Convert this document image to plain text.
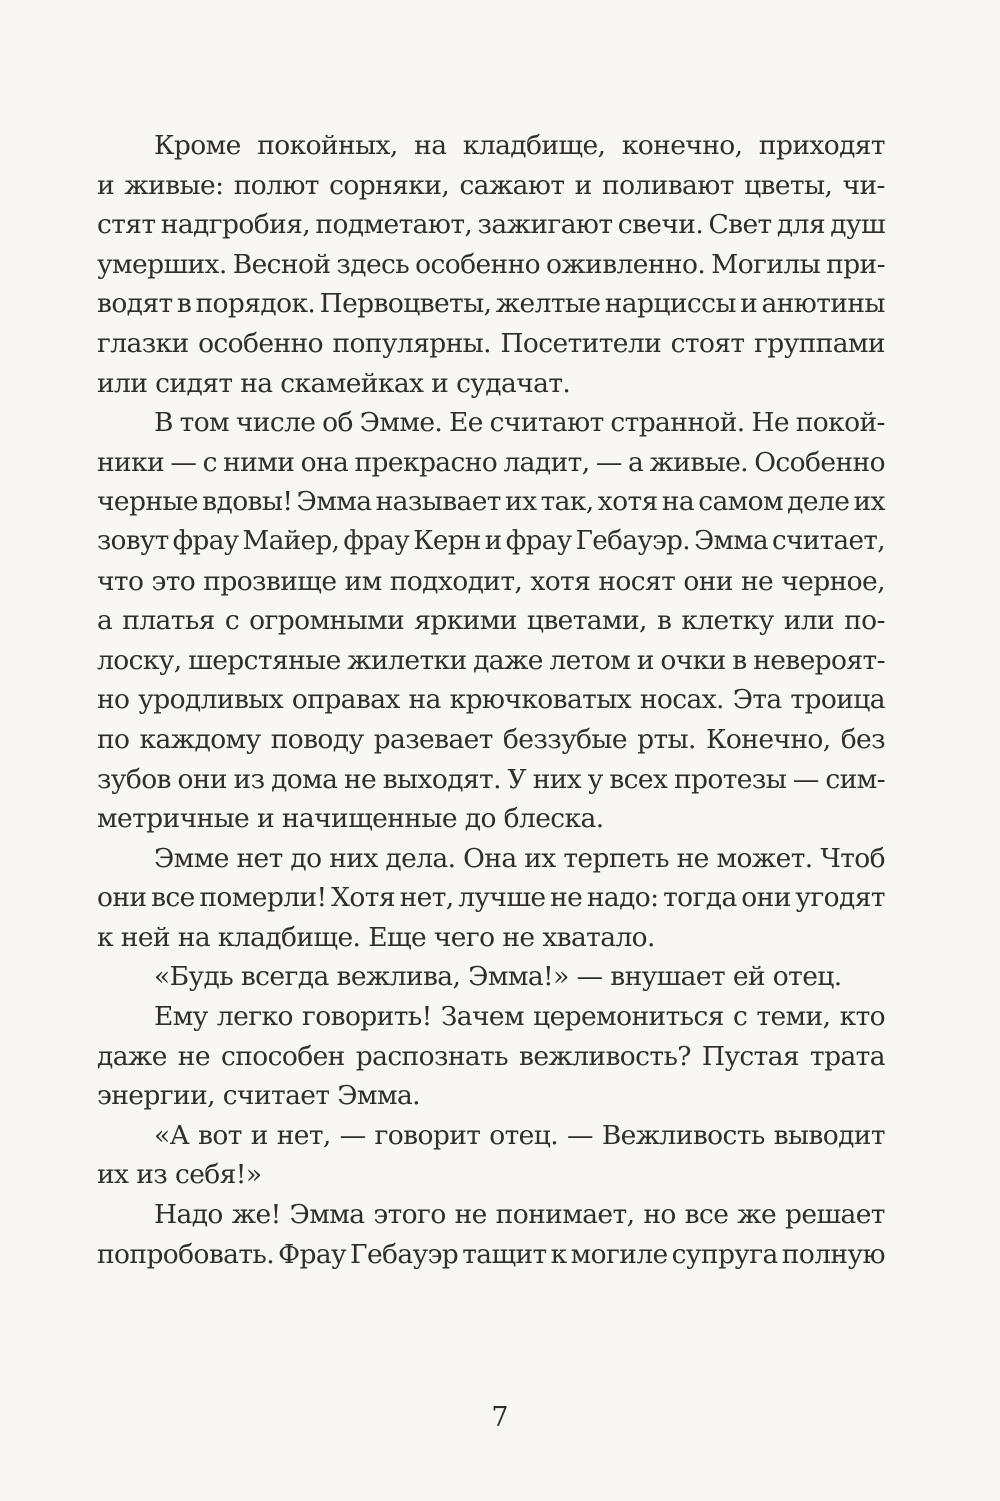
Кроме покойных, на кладбище, конечно, приходят
и живые: полют сорняки, сажают и поливают цветы, чи-
стят надгробия, подметают, зажигают свечи. Свет для душ
умерших. Весной здесь особенно оживленно. Могилы при-
водят в порядок. Первоцветы, желтые нарциссы и анютины
глазки особенно популярны. Посетители стоят группами
или сидят на скамейках и судачат.
В том числе об Эмме. Ее считают странной. Не покой-
ники — с ними она прекрасно ладит, — а живые. Особенно
черные вдовы! Эмма называет их так, хотя на самом деле их
зовут фрау Майер, фрау Керн и фрау Гебауэр. Эмма считает,
что это прозвище им подходит, хотя носят они не черное,
а платья с огромными яркими цветами, в клетку или по-
лоску, шерстяные жилетки даже летом и очки в невероят-
но уродливых оправах на крючковатых носах. Эта троица
по каждому поводу разевает беззубые рты. Конечно, без
зубов они из дома не выходят. У них у всех протезы — сим-
метричные и начищенные до блеска.
Эмме нет до них дела. Она их терпеть не может. Чтоб
они все померли! Хотя нет, лучше не надо: тогда они угодят
к ней на кладбище. Еще чего не хватало.
«Будь всегда вежлива, Эмма!» — внушает ей отец.
Ему легко говорить! Зачем церемониться с теми, кто
даже не способен распознать вежливость? Пустая трата
энергии, считает Эмма.
«А вот и нет, — говорит отец. — Вежливость выводит
их из себя!»
Надо же! Эмма этого не понимает, но все же решает
попробовать. Фрау Гебауэр тащит к могиле супруга полную
7
